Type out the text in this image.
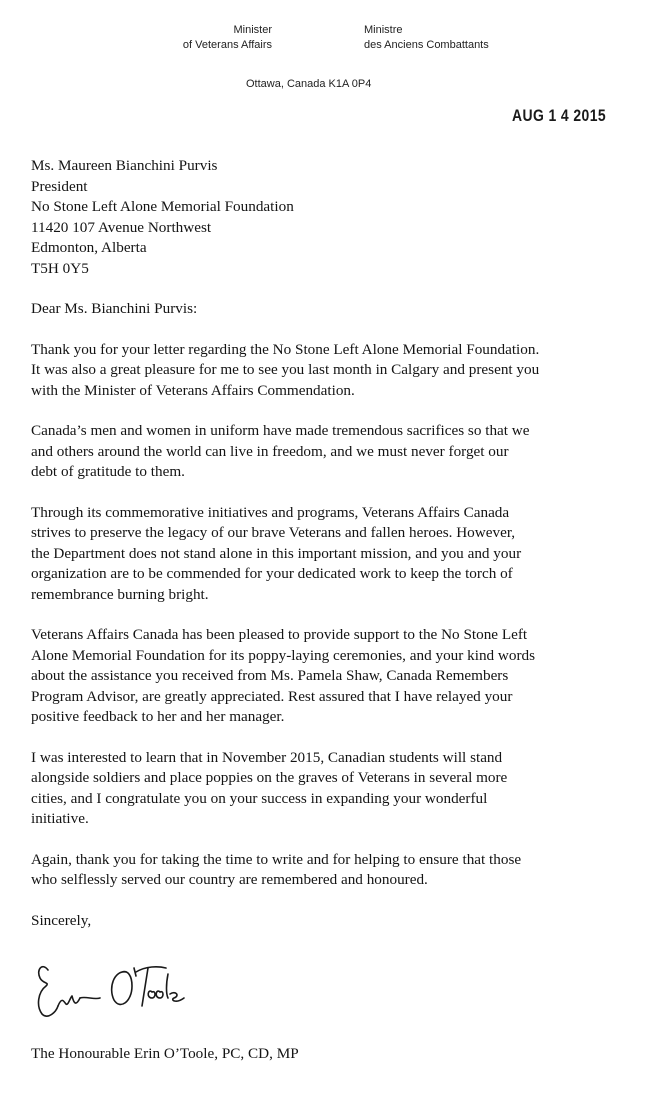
Minister
of Veterans Affairs
Ministre
des Anciens Combattants
Ottawa, Canada K1A 0P4
AUG 1 4 2015
Ms. Maureen Bianchini Purvis
President
No Stone Left Alone Memorial Foundation
11420 107 Avenue Northwest
Edmonton, Alberta
T5H 0Y5
Dear Ms. Bianchini Purvis:
Thank you for your letter regarding the No Stone Left Alone Memorial Foundation.
It was also a great pleasure for me to see you last month in Calgary and present you
with the Minister of Veterans Affairs Commendation.
Canada’s men and women in uniform have made tremendous sacrifices so that we
and others around the world can live in freedom, and we must never forget our
debt of gratitude to them.
Through its commemorative initiatives and programs, Veterans Affairs Canada
strives to preserve the legacy of our brave Veterans and fallen heroes. However,
the Department does not stand alone in this important mission, and you and your
organization are to be commended for your dedicated work to keep the torch of
remembrance burning bright.
Veterans Affairs Canada has been pleased to provide support to the No Stone Left
Alone Memorial Foundation for its poppy-laying ceremonies, and your kind words
about the assistance you received from Ms. Pamela Shaw, Canada Remembers
Program Advisor, are greatly appreciated. Rest assured that I have relayed your
positive feedback to her and her manager.
I was interested to learn that in November 2015, Canadian students will stand
alongside soldiers and place poppies on the graves of Veterans in several more
cities, and I congratulate you on your success in expanding your wonderful
initiative.
Again, thank you for taking the time to write and for helping to ensure that those
who selflessly served our country are remembered and honoured.
Sincerely,
The Honourable Erin O’Toole, PC, CD, MP
